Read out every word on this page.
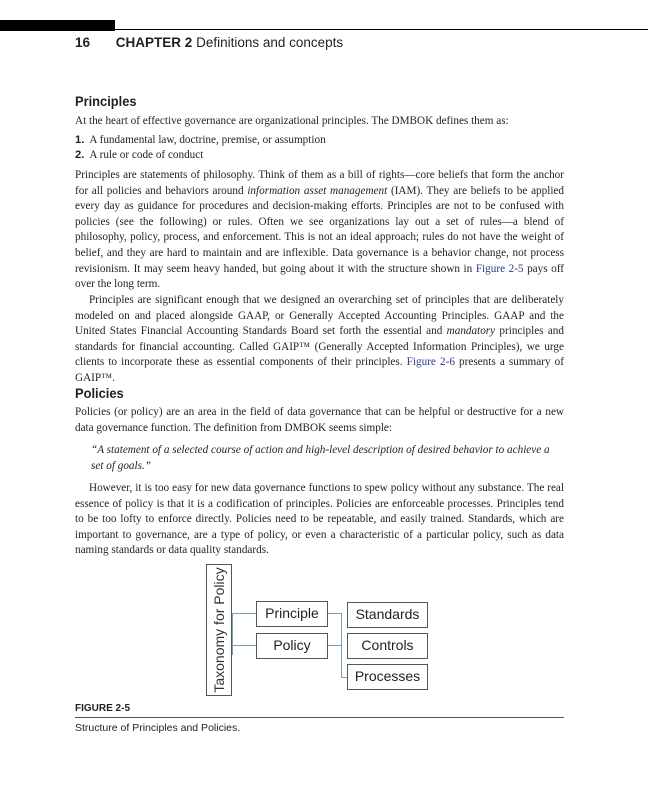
16 CHAPTER 2 Definitions and concepts
Principles

At the heart of effective governance are organizational principles. The DMBOK defines them as:

1. A fundamental law, doctrine, premise, or assumption
2. A rule or code of conduct

Principles are statements of philosophy. Think of them as a bill of rights—core beliefs that form the anchor for all policies and behaviors around information asset management (IAM). They are beliefs to be applied every day as guidance for procedures and decision-making efforts. Principles are not to be confused with policies (see the following) or rules. Often we see organizations lay out a set of rules—a blend of philosophy, policy, process, and enforcement. This is not an ideal approach; rules do not have the weight of belief, and they are hard to maintain and are inflexible. Data governance is a behavior change, not process revisionism. It may seem heavy handed, but going about it with the structure shown in Figure 2-5 pays off over the long term.

Principles are significant enough that we designed an overarching set of principles that are deliberately modeled on and placed alongside GAAP, or Generally Accepted Accounting Principles. GAAP and the United States Financial Accounting Standards Board set forth the essential and mandatory principles and standards for financial accounting. Called GAIP™ (Generally Accepted Information Principles), we urge clients to incorporate these as essential components of their principles. Figure 2-6 presents a summary of GAIP™.

Policies

Policies (or policy) are an area in the field of data governance that can be helpful or destructive for a new data governance function. The definition from DMBOK seems simple:

“A statement of a selected course of action and high-level description of desired behavior to achieve a set of goals.”

However, it is too easy for new data governance functions to spew policy without any substance. The real essence of policy is that it is a codification of principles. Policies are enforceable processes. Principles tend to be too lofty to enforce directly. Policies need to be repeatable, and easily trained. Standards, which are important to governance, are a type of policy, or even a characteristic of a particular policy, such as data naming standards or data quality standards.

Taxonomy for Policy	Principle
Policy
Standards
Controls
Processes
FIGURE 2-5
Structure of Principles and Policies.
